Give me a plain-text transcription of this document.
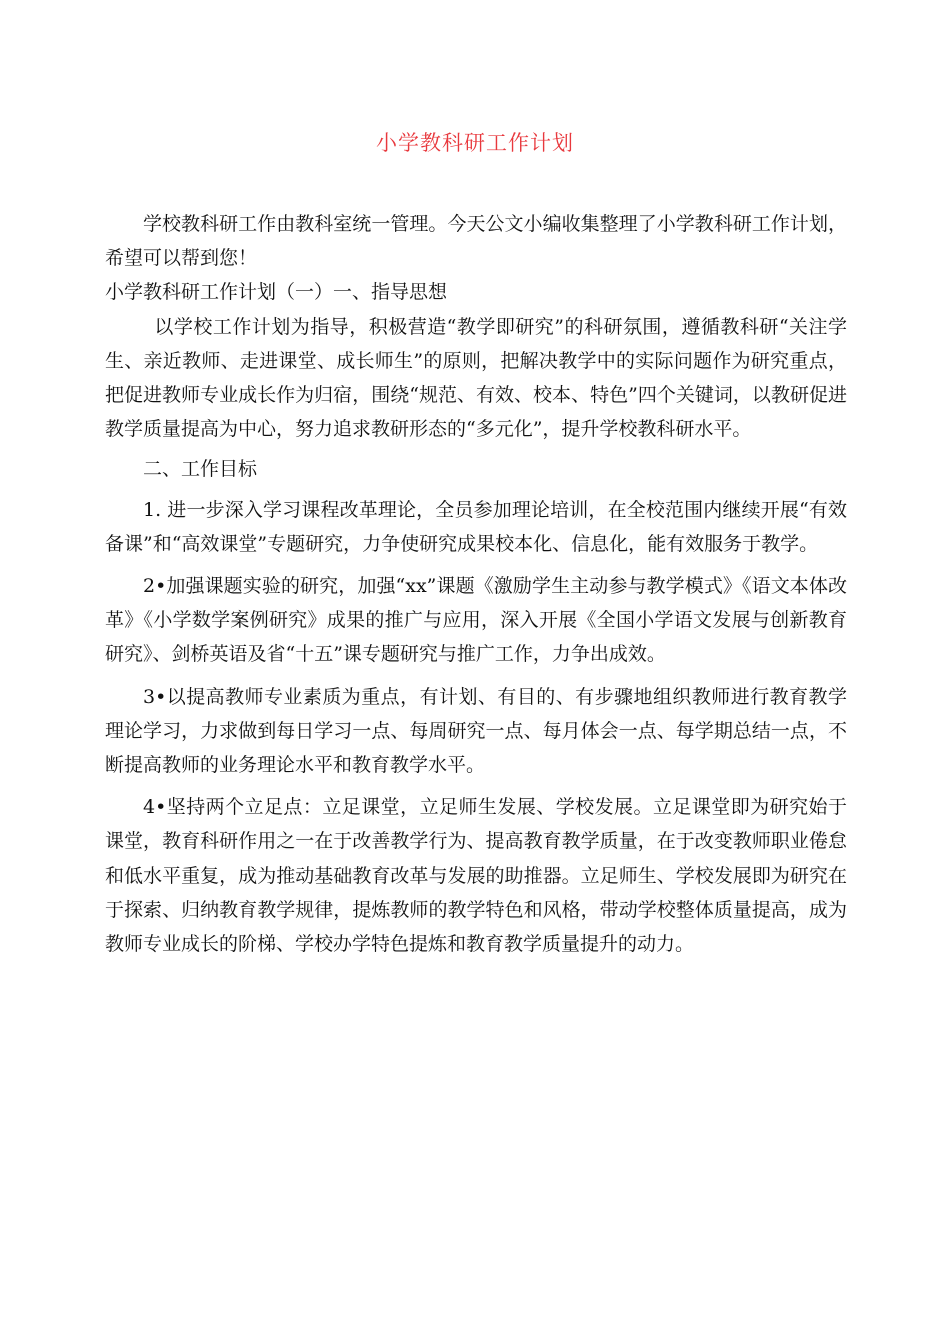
小学教科研工作计划

学校教科研工作由教科室统一管理。今天公文小编收集整理了小学教科研工作计划，希望可以帮到您！

小学教科研工作计划（一）一、指导思想

以学校工作计划为指导，积极营造“教学即研究”的科研氛围，遵循教科研“关注学生、亲近教师、走进课堂、成长师生”的原则，把解决教学中的实际问题作为研究重点，把促进教师专业成长作为归宿，围绕“规范、有效、校本、特色”四个关键词，以教研促进教学质量提高为中心，努力追求教研形态的“多元化”，提升学校教科研水平。

二、工作目标

1. 进一步深入学习课程改革理论，全员参加理论培训，在全校范围内继续开展“有效备课”和“高效课堂”专题研究，力争使研究成果校本化、信息化，能有效服务于教学。

2•加强课题实验的研究，加强“xx”课题《激励学生主动参与教学模式》《语文本体改革》《小学数学案例研究》成果的推广与应用，深入开展《全国小学语文发展与创新教育研究》、剑桥英语及省“十五”课专题研究与推广工作，力争出成效。

3•以提高教师专业素质为重点，有计划、有目的、有步骤地组织教师进行教育教学理论学习，力求做到每日学习一点、每周研究一点、每月体会一点、每学期总结一点，不断提高教师的业务理论水平和教育教学水平。

4•坚持两个立足点：立足课堂，立足师生发展、学校发展。立足课堂即为研究始于课堂，教育科研作用之一在于改善教学行为、提高教育教学质量，在于改变教师职业倦怠和低水平重复，成为推动基础教育改革与发展的助推器。立足师生、学校发展即为研究在于探索、归纳教育教学规律，提炼教师的教学特色和风格，带动学校整体质量提高，成为教师专业成长的阶梯、学校办学特色提炼和教育教学质量提升的动力。
